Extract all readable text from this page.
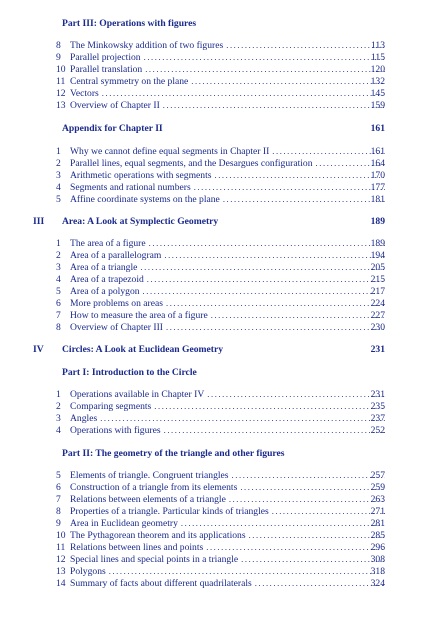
Part III: Operations with figures
8 The Minkowsky addition of two figures .....	113
9 Parallel projection .....	115
10 Parallel translation .....	120
11 Central symmetry on the plane .....	132
12 Vectors .....	145
13 Overview of Chapter II .....	159
Appendix for Chapter II	161
1 Why we cannot define equal segments in Chapter II .....	161
2 Parallel lines, equal segments, and the Desargues configuration .....	164
3 Arithmetic operations with segments .....	170
4 Segments and rational numbers .....	177
5 Affine coordinate systems on the plane .....	181
III Area: A Look at Symplectic Geometry	189
1 The area of a figure .....	189
2 Area of a parallelogram .....	194
3 Area of a triangle .....	205
4 Area of a trapezoid .....	215
5 Area of a polygon .....	217
6 More problems on areas .....	224
7 How to measure the area of a figure .....	227
8 Overview of Chapter III .....	230
IV Circles: A Look at Euclidean Geometry	231
Part I: Introduction to the Circle
1 Operations available in Chapter IV .....	231
2 Comparing segments .....	235
3 Angles .....	237
4 Operations with figures .....	252
Part II: The geometry of the triangle and other figures
5 Elements of triangle. Congruent triangles .....	257
6 Construction of a triangle from its elements .....	259
7 Relations between elements of a triangle .....	263
8 Properties of a triangle. Particular kinds of triangles .....	271
9 Area in Euclidean geometry .....	281
10 The Pythagorean theorem and its applications .....	285
11 Relations between lines and points .....	296
12 Special lines and special points in a triangle .....	308
13 Polygons .....	318
14 Summary of facts about different quadrilaterals .....	324
